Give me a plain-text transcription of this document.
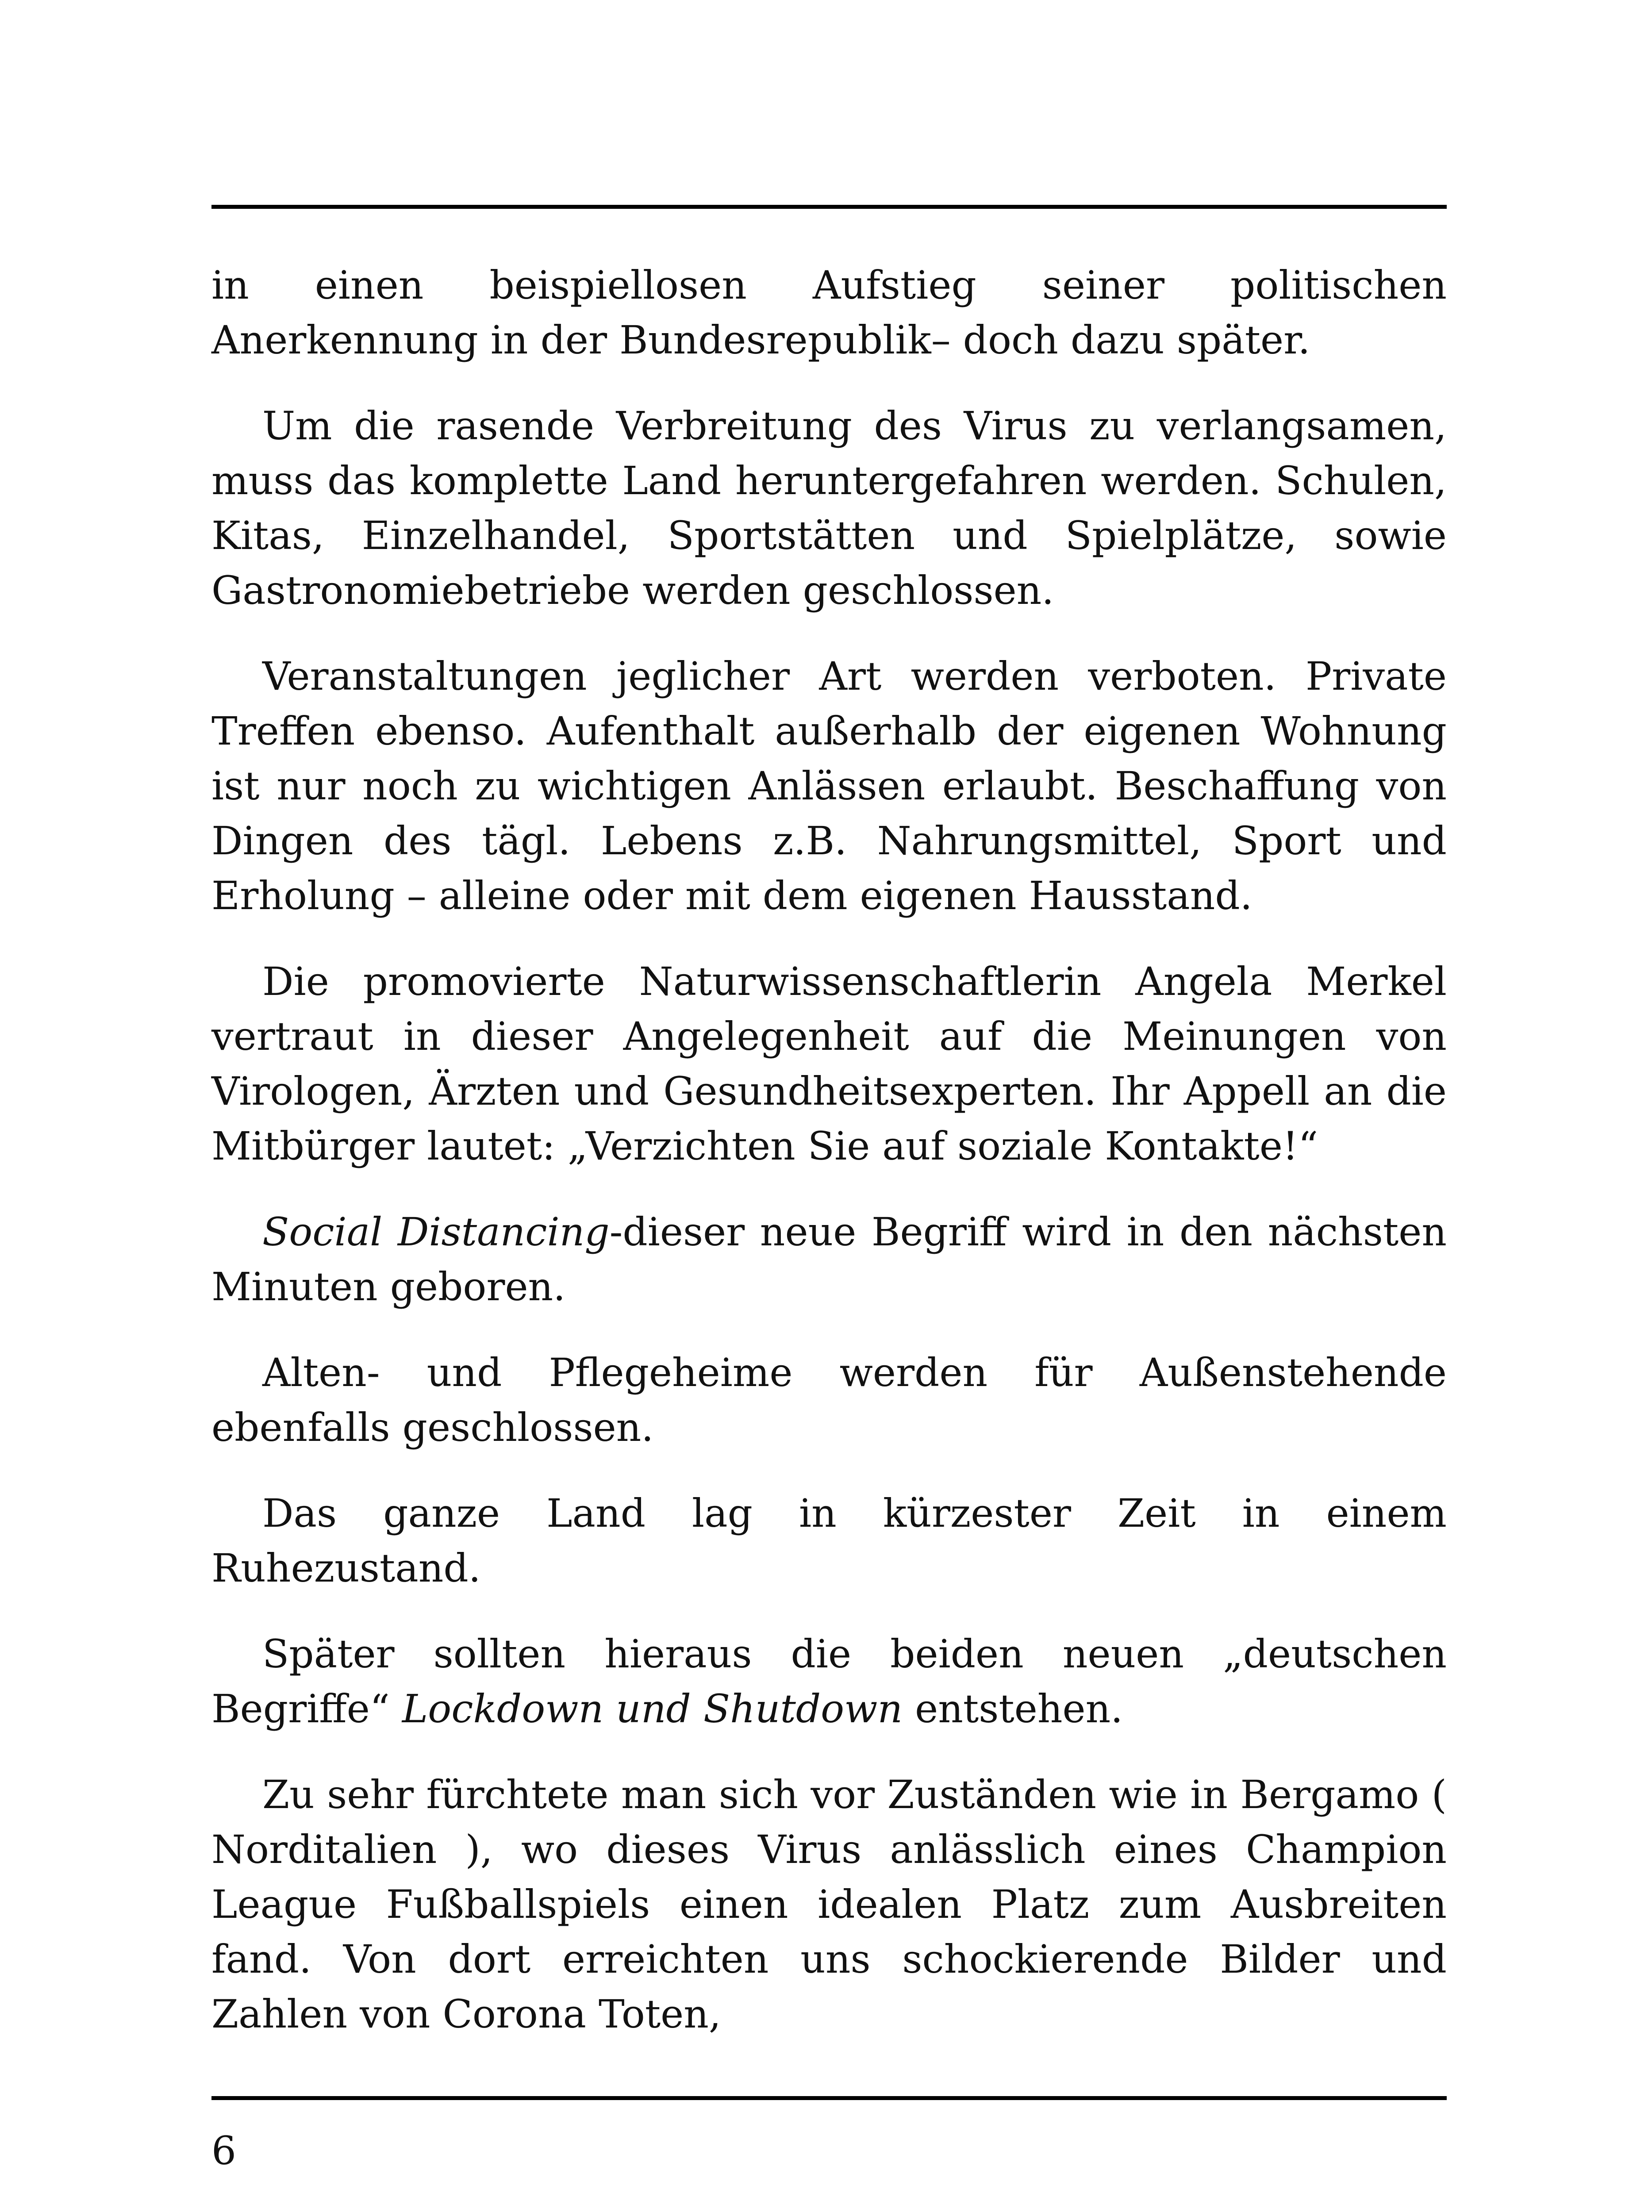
in einen beispiellosen Aufstieg seiner politischen Anerkennung in der Bundesrepublik– doch dazu später.

Um die rasende Verbreitung des Virus zu verlangsamen, muss das komplette Land heruntergefahren werden. Schulen, Kitas, Einzelhandel, Sportstätten und Spielplätze, sowie Gastronomiebetriebe werden geschlossen.

Veranstaltungen jeglicher Art werden verboten. Private Treffen ebenso. Aufenthalt außerhalb der eigenen Wohnung ist nur noch zu wichtigen Anlässen erlaubt. Beschaffung von Dingen des tägl. Lebens z.B. Nahrungsmittel, Sport und Erholung – alleine oder mit dem eigenen Hausstand.

Die promovierte Naturwissenschaftlerin Angela Merkel vertraut in dieser Angelegenheit auf die Meinungen von Virologen, Ärzten und Gesundheitsexperten. Ihr Appell an die Mitbürger lautet: „Verzichten Sie auf soziale Kontakte!“

Social Distancing-dieser neue Begriff wird in den nächsten Minuten geboren.

Alten- und Pflegeheime werden für Außenstehende ebenfalls geschlossen.

Das ganze Land lag in kürzester Zeit in einem Ruhezustand.

Später sollten hieraus die beiden neuen „deutschen Begriffe“ Lockdown und Shutdown entstehen.

Zu sehr fürchtete man sich vor Zuständen wie in Bergamo ( Norditalien ), wo dieses Virus anlässlich eines Champion League Fußballspiels einen idealen Platz zum Ausbreiten fand. Von dort erreichten uns schockierende Bilder und Zahlen von Corona Toten,

6
